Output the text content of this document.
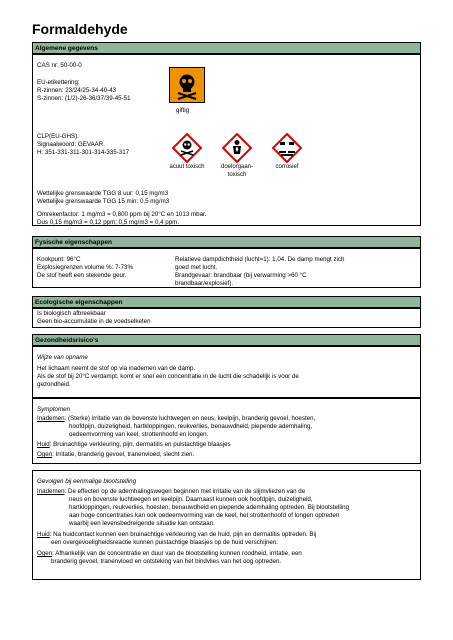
Formaldehyde
Algemene gegevens
CAS nr: 50-00-0
EU-etikettering:
R-zinnen: 23/24/25-34-40-43
S-zinnen: (1/2)-26-36/37/39-45-51
giftig
CLP(EU-GHS):
Signaalwoord: GEVAAR
H: 351-331-311-301-314-335-317
acuut toxisch	doelorgaan-
toxisch
corrosief
Wettelijke grenswaarde TGG 8 uur: 0,15 mg/m3
Wettelijke grenswaarde TGG 15 min: 0,5 mg/m3
Omrekenfactor: 1 mg/m3 = 0,800 ppm bij 20°C en 1013 mbar.
Dus 0,15 mg/m3 = 0,12 ppm; 0,5 mg/m3 = 0,4 ppm.
Fysische eigenschappen
Kookpunt: 96°C
Explosiegrenzen volume %: 7-73%
De stof heeft een stekende geur.
Relatieve dampdichtheid (lucht=1): 1,04. De damp mengt zich
goed met lucht.
Brandgevaar: brandbaar (bij verwarming >60 °C
brandbaar/explosief).
Ecologische eigenschappen
Is biologisch afbreekbaar
Geen bio-accumulatie in de voedselketen
Gezondheidsrisico's
Wijze van opname
Het lichaam neemt de stof op via inademen van de damp.
Als de stof bij 20°C verdampt, komt er snel een concentratie in de lucht die schadelijk is voor de
gezondheid.
Symptomen
Inademen: (Sterke) irritatie van de bovenste luchtwegen en neus, keelpijn, branderig gevoel, hoesten,
hoofdpijn, duizeligheid, hartkloppingen, reukverlies, benauwdheid, piepende ademhaling,
oedeemvorming van keel, strottenhoofd en longen.
Huid: Bruinachtige verkleuring, pijn, dermatitis en pulstachtige blaasjes
Ogen: Irritatie, branderig gevoel, tranenvloed, slecht zien.
Gevolgen bij eenmalige blootstelling
Inademen: De effecten op de ademhalingswegen beginnen met irritatie van de slijmvliezen van de
neus en bovenste luchtwegen en keelpijn. Daarnaast kunnen ook hoofdpijn, duizeligheid,
hartkloppingen, reukverlies, hoesten, benauwdheid en piepende ademhaling optreden. Bij blootstelling
aan hoge concentraties kan ook oedeemvorming van de keel, het strottenhoofd of longen optreden
waarbij een levensbedreigende situatie kan ontstaan.
Huid: Na huidcontact kunnen een bruinachtige verkleuring van de huid, pijn en dermatitis optreden. Bij
een overgevoeligheidsreactie kunnen puistachtige blaasjes op de huid verschijnen.
Ogen: Afhankelijk van de concentratie en duur van de blootstelling kunnen roodheid, irritatie, een
branderig gevoel, tranenvloed en ontsteking van het bindvlies van het oog optreden.
